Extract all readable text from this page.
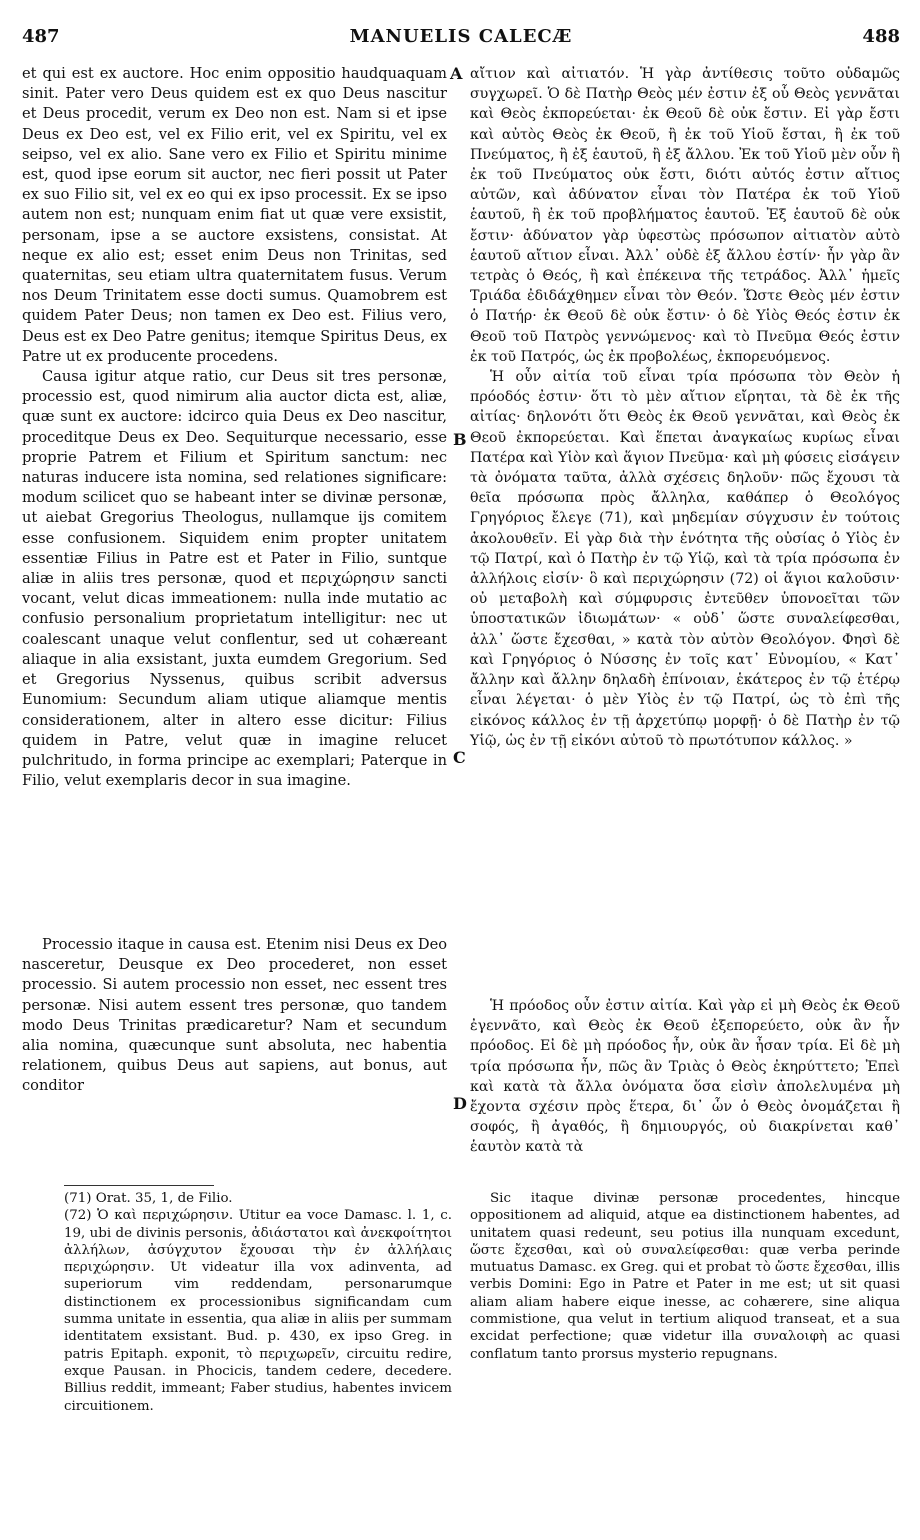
487	MANUELIS CALECÆ	488
A
B
C
D

et qui est ex auctore. Hoc enim oppositio haudquaquam sinit. Pater vero Deus quidem est ex quo Deus nascitur et Deus procedit, verum ex Deo non est. Nam si et ipse Deus ex Deo est, vel ex Filio erit, vel ex Spiritu, vel ex seipso, vel ex alio. Sane vero ex Filio et Spiritu minime est, quod ipse eorum sit auctor, nec fieri possit ut Pater ex suo Filio sit, vel ex eo qui ex ipso processit. Ex se ipso autem non est; nunquam enim fiat ut quæ vere exsistit, personam, ipse a se auctore exsistens, consistat. At neque ex alio est; esset enim Deus non Trinitas, sed quaternitas, seu etiam ultra quaternitatem fusus. Verum nos Deum Trinitatem esse docti sumus. Quamobrem est quidem Pater Deus; non tamen ex Deo est. Filius vero, Deus est ex Deo Patre genitus; itemque Spiritus Deus, ex Patre ut ex producente procedens.

Causa igitur atque ratio, cur Deus sit tres personæ, processio est, quod nimirum alia auctor dicta est, aliæ, quæ sunt ex auctore: idcirco quia Deus ex Deo nascitur, proceditque Deus ex Deo. Sequiturque necessario, esse proprie Patrem et Filium et Spiritum sanctum: nec naturas inducere ista nomina, sed relationes significare: modum scilicet quo se habeant inter se divinæ personæ, ut aiebat Gregorius Theologus, nullamque ijs comitem esse confusionem. Siquidem enim propter unitatem essentiæ Filius in Patre est et Pater in Filio, suntque aliæ in aliis tres personæ, quod et περιχώρησιν sancti vocant, velut dicas immeationem: nulla inde mutatio ac confusio personalium proprietatum intelligitur: nec ut coalescant unaque velut conflentur, sed ut cohæreant aliaque in alia exsistant, juxta eumdem Gregorium. Sed et Gregorius Nyssenus, quibus scribit adversus Eunomium: Secundum aliam utique aliamque mentis considerationem, alter in altero esse dicitur: Filius quidem in Patre, velut quæ in imagine relucet pulchritudo, in forma principe ac exemplari; Paterque in Filio, velut exemplaris decor in sua imagine.

Processio itaque in causa est. Etenim nisi Deus ex Deo nasceretur, Deusque ex Deo procederet, non esset processio. Si autem processio non esset, nec essent tres personæ. Nisi autem essent tres personæ, quo tandem modo Deus Trinitas prædicaretur? Nam et secundum alia nomina, quæcunque sunt absoluta, nec habentia relationem, quibus Deus aut sapiens, aut bonus, aut conditor

αἴτιον καὶ αἰτιατόν. Ἡ γὰρ ἀντίθεσις τοῦτο οὐδαμῶς συγχωρεῖ. Ὁ δὲ Πατὴρ Θεὸς μέν ἐστιν ἐξ οὗ Θεὸς γεννᾶται καὶ Θεὸς ἐκπορεύεται· ἐκ Θεοῦ δὲ οὐκ ἔστιν. Εἰ γὰρ ἔστι καὶ αὐτὸς Θεὸς ἐκ Θεοῦ, ἢ ἐκ τοῦ Υἱοῦ ἔσται, ἢ ἐκ τοῦ Πνεύματος, ἢ ἐξ ἑαυτοῦ, ἢ ἐξ ἄλλου. Ἐκ τοῦ Υἱοῦ μὲν οὖν ἢ ἐκ τοῦ Πνεύματος οὐκ ἔστι, διότι αὐτός ἐστιν αἴτιος αὐτῶν, καὶ ἀδύνατον εἶναι τὸν Πατέρα ἐκ τοῦ Υἱοῦ ἑαυτοῦ, ἢ ἐκ τοῦ προβλήματος ἑαυτοῦ. Ἐξ ἑαυτοῦ δὲ οὐκ ἔστιν· ἀδύνατον γὰρ ὑφεστὼς πρόσωπον αἰτιατὸν αὐτὸ ἑαυτοῦ αἴτιον εἶναι. Ἀλλ᾽ οὐδὲ ἐξ ἄλλου ἐστίν· ἦν γὰρ ἂν τετρὰς ὁ Θεός, ἢ καὶ ἐπέκεινα τῆς τετράδος. Ἀλλ᾽ ἡμεῖς Τριάδα ἐδιδάχθημεν εἶναι τὸν Θεόν. Ὥστε Θεὸς μέν ἐστιν ὁ Πατήρ· ἐκ Θεοῦ δὲ οὐκ ἔστιν· ὁ δὲ Υἱὸς Θεός ἐστιν ἐκ Θεοῦ τοῦ Πατρὸς γεννώμενος· καὶ τὸ Πνεῦμα Θεός ἐστιν ἐκ τοῦ Πατρός, ὡς ἐκ προβολέως, ἐκπορευόμενος.

Ἡ οὖν αἰτία τοῦ εἶναι τρία πρόσωπα τὸν Θεὸν ἡ πρόοδός ἐστιν· ὅτι τὸ μὲν αἴτιον εἴρηται, τὰ δὲ ἐκ τῆς αἰτίας· δηλονότι ὅτι Θεὸς ἐκ Θεοῦ γεννᾶται, καὶ Θεὸς ἐκ Θεοῦ ἐκπορεύεται. Καὶ ἕπεται ἀναγκαίως κυρίως εἶναι Πατέρα καὶ Υἱὸν καὶ ἅγιον Πνεῦμα· καὶ μὴ φύσεις εἰσάγειν τὰ ὀνόματα ταῦτα, ἀλλὰ σχέσεις δηλοῦν· πῶς ἔχουσι τὰ θεῖα πρόσωπα πρὸς ἄλληλα, καθάπερ ὁ Θεολόγος Γρηγόριος ἔλεγε (71), καὶ μηδεμίαν σύγχυσιν ἐν τούτοις ἀκολουθεῖν. Εἰ γὰρ διὰ τὴν ἑνότητα τῆς οὐσίας ὁ Υἱὸς ἐν τῷ Πατρί, καὶ ὁ Πατὴρ ἐν τῷ Υἱῷ, καὶ τὰ τρία πρόσωπα ἐν ἀλλήλοις εἰσίν· ὃ καὶ περιχώρησιν (72) οἱ ἅγιοι καλοῦσιν· οὐ μεταβολὴ καὶ σύμφυρσις ἐντεῦθεν ὑπονοεῖται τῶν ὑποστατικῶν ἰδιωμάτων· « οὐδ᾽ ὥστε συναλείφεσθαι, ἀλλ᾽ ὥστε ἔχεσθαι, » κατὰ τὸν αὐτὸν Θεολόγον. Φησὶ δὲ καὶ Γρηγόριος ὁ Νύσσης ἐν τοῖς κατ᾽ Εὐνομίου, « Κατ᾽ ἄλλην καὶ ἄλλην δηλαδὴ ἐπίνοιαν, ἑκάτερος ἐν τῷ ἑτέρῳ εἶναι λέγεται· ὁ μὲν Υἱὸς ἐν τῷ Πατρί, ὡς τὸ ἐπὶ τῆς εἰκόνος κάλλος ἐν τῇ ἀρχετύπῳ μορφῇ· ὁ δὲ Πατὴρ ἐν τῷ Υἱῷ, ὡς ἐν τῇ εἰκόνι αὐτοῦ τὸ πρωτότυπον κάλλος. »

Ἡ πρόοδος οὖν ἐστιν αἰτία. Καὶ γὰρ εἰ μὴ Θεὸς ἐκ Θεοῦ ἐγεννᾶτο, καὶ Θεὸς ἐκ Θεοῦ ἐξεπορεύετο, οὐκ ἂν ἦν πρόοδος. Εἰ δὲ μὴ πρόοδος ἦν, οὐκ ἂν ἦσαν τρία. Εἰ δὲ μὴ τρία πρόσωπα ἦν, πῶς ἂν Τριὰς ὁ Θεὸς ἐκηρύττετο; Ἐπεὶ καὶ κατὰ τὰ ἄλλα ὀνόματα ὅσα εἰσὶν ἀπολελυμένα μὴ ἔχοντα σχέσιν πρὸς ἕτερα, δι᾽ ὧν ὁ Θεὸς ὀνομάζεται ἢ σοφός, ἢ ἀγαθός, ἢ δημιουργός, οὐ διακρίνεται καθ᾽ ἑαυτὸν κατὰ τὰ

(71) Orat. 35, 1, de Filio.

(72) Ὁ καὶ περιχώρησιν. Utitur ea voce Damasc. l. 1, c. 19, ubi de divinis personis, ἀδιάστατοι καὶ ἀνεκφοίτητοι ἀλλήλων, ἀσύγχυτον ἔχουσαι τὴν ἐν ἀλλήλαις περιχώρησιν. Ut videatur illa vox adinventa, ad superiorum vim reddendam, personarumque distinctionem ex processionibus significandam cum summa unitate in essentia, qua aliæ in aliis per summam identitatem exsistant. Bud. p. 430, ex ipso Greg. in patris Epitaph. exponit, τὸ περιχωρεῖν, circuitu redire, exque Pausan. in Phocicis, tandem cedere, decedere. Billius reddit, immeant; Faber studius, habentes invicem circuitionem.

Sic itaque divinæ personæ procedentes, hincque oppositionem ad aliquid, atque ea distinctionem habentes, ad unitatem quasi redeunt, seu potius illa nunquam excedunt, ὥστε ἔχεσθαι, καὶ οὐ συναλείφεσθαι: quæ verba perinde mutuatus Damasc. ex Greg. qui et probat τὸ ὥστε ἔχεσθαι, illis verbis Domini: Ego in Patre et Pater in me est; ut sit quasi aliam aliam habere eique inesse, ac cohærere, sine aliqua commistione, qua velut in tertium aliquod transeat, et a sua excidat perfectione; quæ videtur illa συναλοιφὴ ac quasi conflatum tanto prorsus mysterio repugnans.
